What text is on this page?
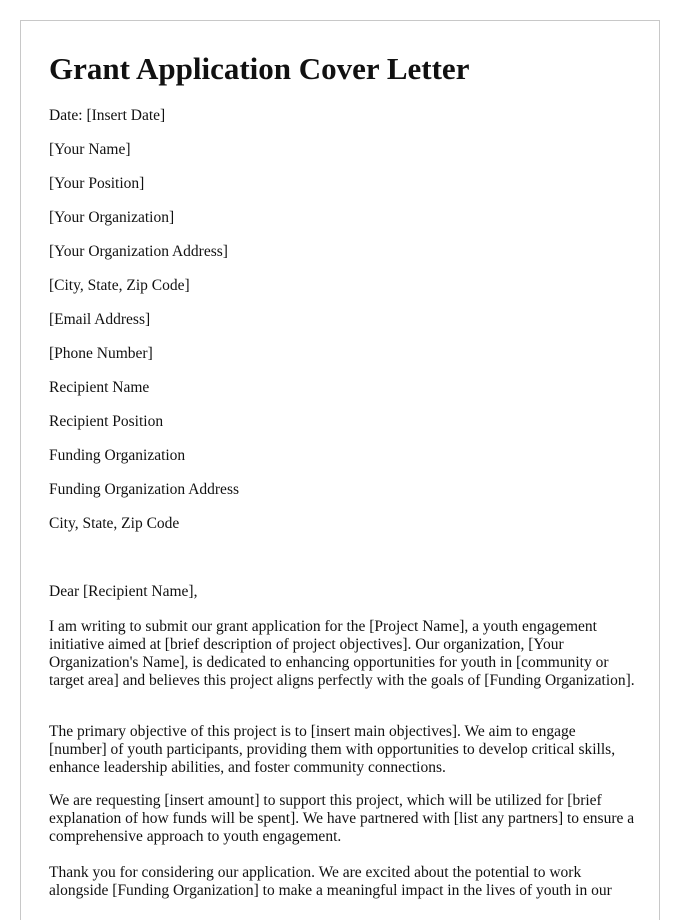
Grant Application Cover Letter

Date: [Insert Date]

[Your Name]

[Your Position]

[Your Organization]

[Your Organization Address]

[City, State, Zip Code]

[Email Address]

[Phone Number]

Recipient Name

Recipient Position

Funding Organization

Funding Organization Address

City, State, Zip Code

Dear [Recipient Name],

I am writing to submit our grant application for the [Project Name], a youth engagement initiative aimed at [brief description of project objectives]. Our organization, [Your Organization's Name], is dedicated to enhancing opportunities for youth in [community or target area] and believes this project aligns perfectly with the goals of [Funding Organization].

The primary objective of this project is to [insert main objectives]. We aim to engage [number] of youth participants, providing them with opportunities to develop critical skills, enhance leadership abilities, and foster community connections.

We are requesting [insert amount] to support this project, which will be utilized for [brief explanation of how funds will be spent]. We have partnered with [list any partners] to ensure a comprehensive approach to youth engagement.

Thank you for considering our application. We are excited about the potential to work alongside [Funding Organization] to make a meaningful impact in the lives of youth in our
